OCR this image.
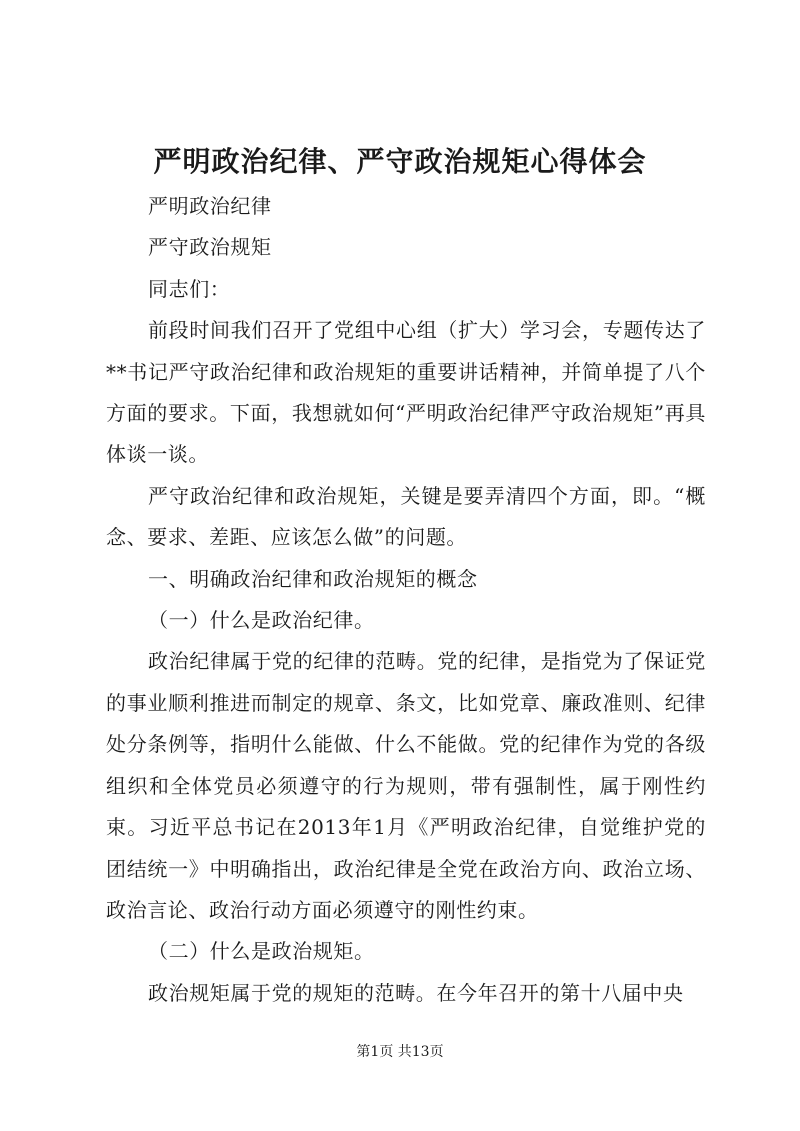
严明政治纪律、严守政治规矩心得体会

严明政治纪律

严守政治规矩

同志们：

前段时间我们召开了党组中心组（扩大）学习会，专题传达了**书记严守政治纪律和政治规矩的重要讲话精神，并简单提了八个方面的要求。下面，我想就如何“严明政治纪律严守政治规矩”再具体谈一谈。

严守政治纪律和政治规矩，关键是要弄清四个方面，即。“概念、要求、差距、应该怎么做”的问题。

一、明确政治纪律和政治规矩的概念

（一）什么是政治纪律。

政治纪律属于党的纪律的范畴。党的纪律，是指党为了保证党的事业顺利推进而制定的规章、条文，比如党章、廉政准则、纪律处分条例等，指明什么能做、什么不能做。党的纪律作为党的各级组织和全体党员必须遵守的行为规则，带有强制性，属于刚性约束。习近平总书记在2013年1月《严明政治纪律，自觉维护党的团结统一》中明确指出，政治纪律是全党在政治方向、政治立场、政治言论、政治行动方面必须遵守的刚性约束。

（二）什么是政治规矩。

政治规矩属于党的规矩的范畴。在今年召开的第十八届中央

第1页 共13页
